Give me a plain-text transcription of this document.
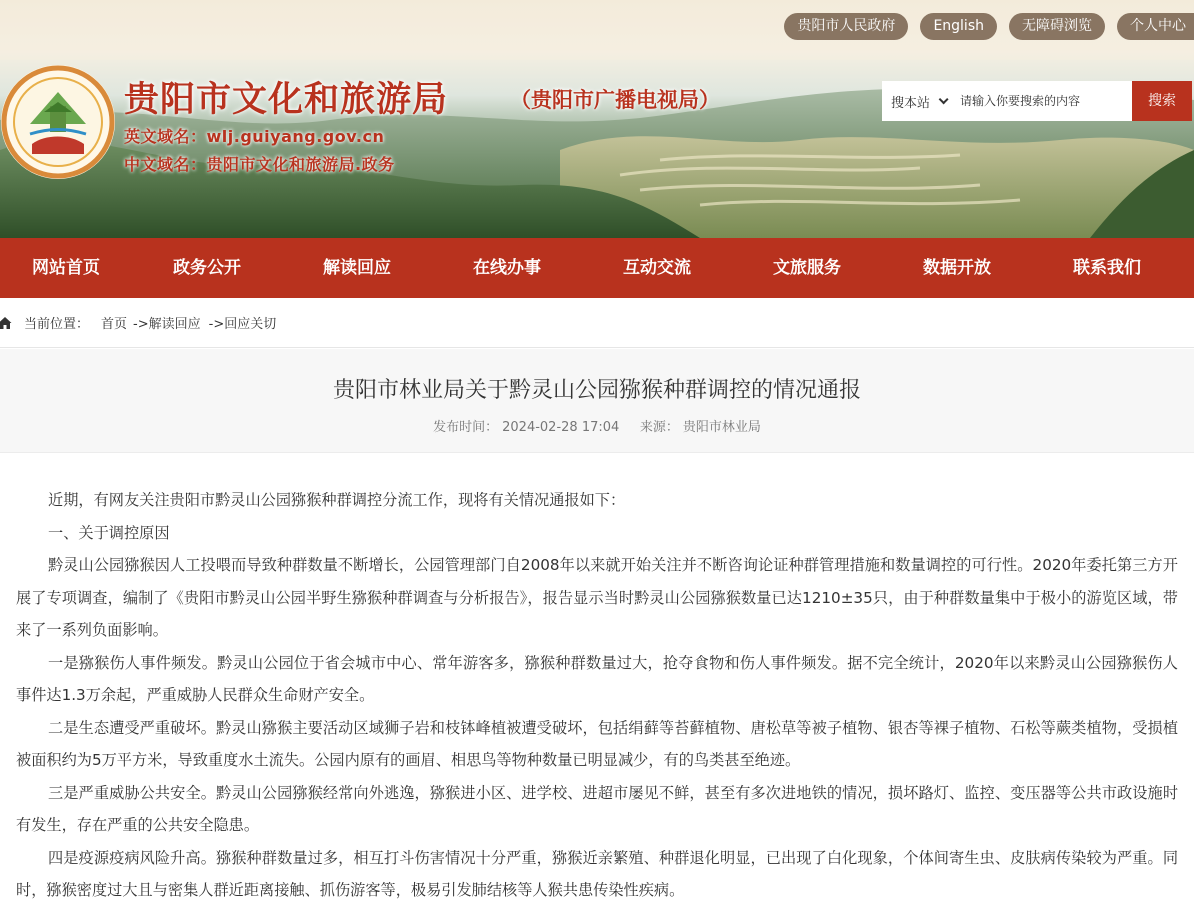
贵阳市人民政府	English	无障碍浏览	个人中心
贵阳市文化和旅游局	（贵阳市广播电视局）
英文域名：wlj.guiyang.gov.cn
中文域名：贵阳市文化和旅游局.政务
搜本站
请输入你要搜索的内容	搜索
网站首页	政务公开	解读回应	在线办事	互动交流	文旅服务	数据开放	联系我们
当前位置： 首页 ->解读回应 ->回应关切
贵阳市林业局关于黔灵山公园猕猴种群调控的情况通报
发布时间： 2024-02-28 17:04 来源： 贵阳市林业局

近期，有网友关注贵阳市黔灵山公园猕猴种群调控分流工作，现将有关情况通报如下：

一、关于调控原因

黔灵山公园猕猴因人工投喂而导致种群数量不断增长，公园管理部门自2008年以来就开始关注并不断咨询论证种群管理措施和数量调控的可行性。2020年委托第三方开展了专项调查，编制了《贵阳市黔灵山公园半野生猕猴种群调查与分析报告》，报告显示当时黔灵山公园猕猴数量已达1210±35只，由于种群数量集中于极小的游览区域，带来了一系列负面影响。

一是猕猴伤人事件频发。黔灵山公园位于省会城市中心、常年游客多，猕猴种群数量过大，抢夺食物和伤人事件频发。据不完全统计，2020年以来黔灵山公园猕猴伤人事件达1.3万余起，严重威胁人民群众生命财产安全。

二是生态遭受严重破坏。黔灵山猕猴主要活动区域狮子岩和枝钵峰植被遭受破坏，包括绢藓等苔藓植物、唐松草等被子植物、银杏等裸子植物、石松等蕨类植物，受损植被面积约为5万平方米，导致重度水土流失。公园内原有的画眉、相思鸟等物种数量已明显减少，有的鸟类甚至绝迹。

三是严重威胁公共安全。黔灵山公园猕猴经常向外逃逸，猕猴进小区、进学校、进超市屡见不鲜，甚至有多次进地铁的情况，损坏路灯、监控、变压器等公共市政设施时有发生，存在严重的公共安全隐患。

四是疫源疫病风险升高。猕猴种群数量过多，相互打斗伤害情况十分严重，猕猴近亲繁殖、种群退化明显，已出现了白化现象，个体间寄生虫、皮肤病传染较为严重。同时，猕猴密度过大且与密集人群近距离接触、抓伤游客等，极易引发肺结核等人猴共患传染性疾病。
